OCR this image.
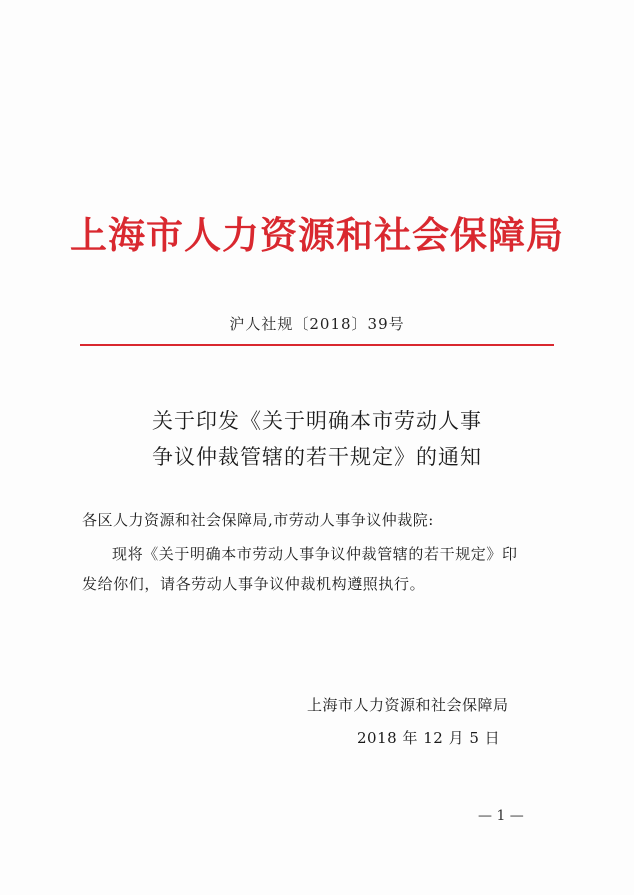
上海市人力资源和社会保障局
沪人社规〔2018〕39号
关于印发《关于明确本市劳动人事
争议仲裁管辖的若干规定》的通知
各区人力资源和社会保障局,市劳动人事争议仲裁院:
现将《关于明确本市劳动人事争议仲裁管辖的若干规定》印
发给你们，请各劳动人事争议仲裁机构遵照执行。
上海市人力资源和社会保障局
2018 年 12 月 5 日
— 1 —
